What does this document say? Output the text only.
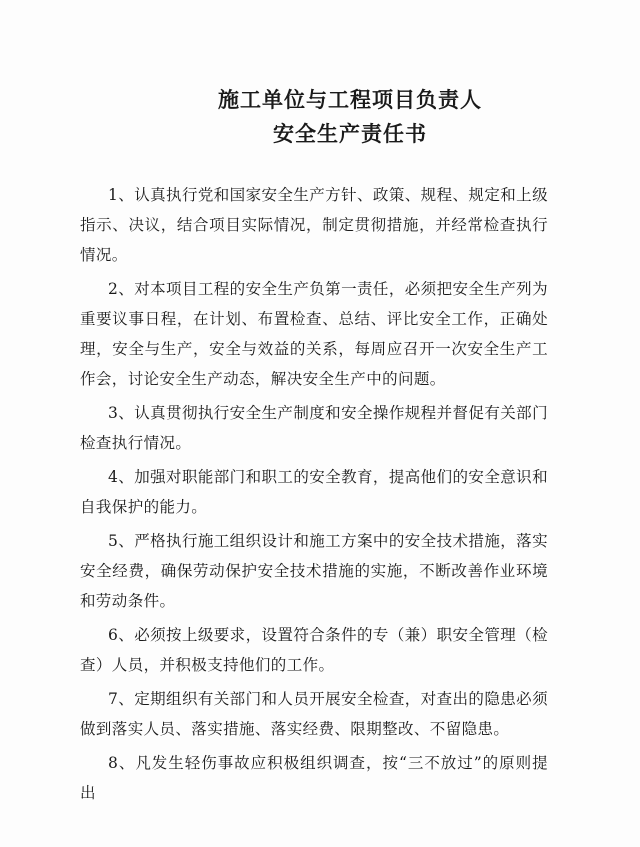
施工单位与工程项目负责人
安全生产责任书

1、认真执行党和国家安全生产方针、政策、规程、规定和上级指示、决议，结合项目实际情况，制定贯彻措施，并经常检查执行情况。

2、对本项目工程的安全生产负第一责任，必须把安全生产列为重要议事日程，在计划、布置检查、总结、评比安全工作，正确处理，安全与生产，安全与效益的关系，每周应召开一次安全生产工作会，讨论安全生产动态，解决安全生产中的问题。

3、认真贯彻执行安全生产制度和安全操作规程并督促有关部门检查执行情况。

4、加强对职能部门和职工的安全教育，提高他们的安全意识和自我保护的能力。

5、严格执行施工组织设计和施工方案中的安全技术措施，落实安全经费，确保劳动保护安全技术措施的实施，不断改善作业环境和劳动条件。

6、必须按上级要求，设置符合条件的专（兼）职安全管理（检查）人员，并积极支持他们的工作。

7、定期组织有关部门和人员开展安全检查，对查出的隐患必须做到落实人员、落实措施、落实经费、限期整改、不留隐患。

8、凡发生轻伤事故应积极组织调查，按“三不放过”的原则提出
